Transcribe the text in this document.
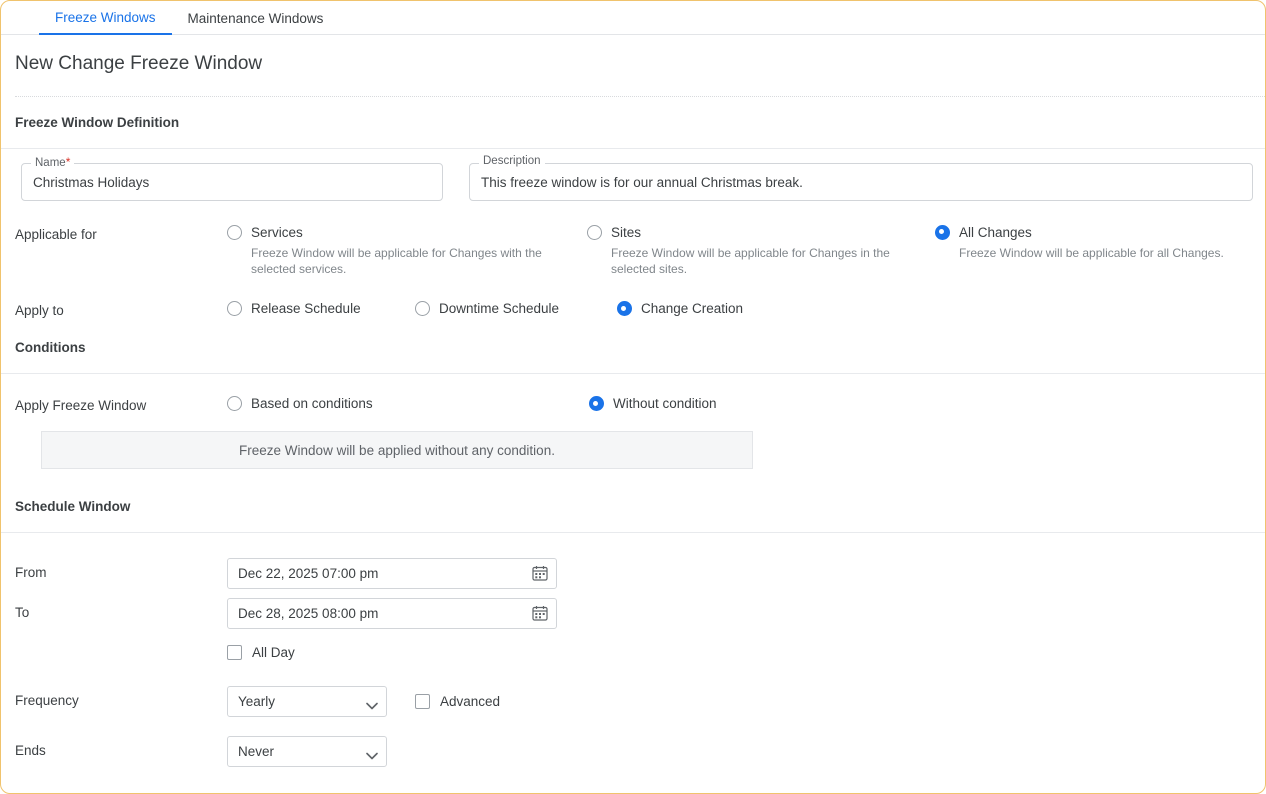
Freeze Windows	Maintenance Windows
New Change Freeze Window
Freeze Window Definition
Name*
Christmas Holidays	Description
This freeze window is for our annual Christmas break.
Applicable for	Services
Freeze Window will be applicable for Changes with the selected services.
Sites
Freeze Window will be applicable for Changes in the selected sites.
All Changes
Freeze Window will be applicable for all Changes.
Apply to	Release Schedule	Downtime Schedule	Change Creation
Conditions
Apply Freeze Window	Based on conditions	Without condition
Freeze Window will be applied without any condition.
Schedule Window
From
Dec 22, 2025 07:00 pm
To
Dec 28, 2025 08:00 pm
All Day
Frequency
Yearly	Advanced
Ends
Never
